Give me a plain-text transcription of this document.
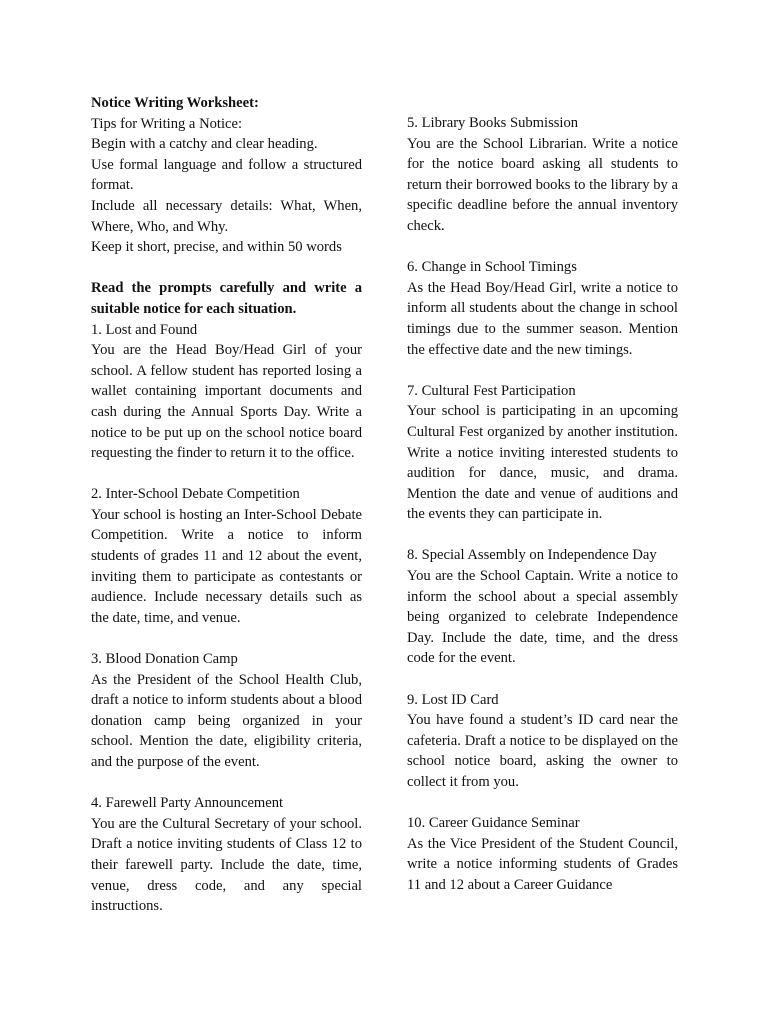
Notice Writing Worksheet:

Tips for Writing a Notice:

Begin with a catchy and clear heading.

Use formal language and follow a structured format.

Include all necessary details: What, When, Where, Who, and Why.

Keep it short, precise, and within 50 words

Read the prompts carefully and write a suitable notice for each situation.

1. Lost and Found

You are the Head Boy/Head Girl of your school. A fellow student has reported losing a wallet containing important documents and cash during the Annual Sports Day. Write a notice to be put up on the school notice board requesting the finder to return it to the office.

2. Inter-School Debate Competition

Your school is hosting an Inter-School Debate Competition. Write a notice to inform students of grades 11 and 12 about the event, inviting them to participate as contestants or audience. Include necessary details such as the date, time, and venue.

3. Blood Donation Camp

As the President of the School Health Club, draft a notice to inform students about a blood donation camp being organized in your school. Mention the date, eligibility criteria, and the purpose of the event.

4. Farewell Party Announcement

You are the Cultural Secretary of your school. Draft a notice inviting students of Class 12 to their farewell party. Include the date, time, venue, dress code, and any special instructions.

5. Library Books Submission

You are the School Librarian. Write a notice for the notice board asking all students to return their borrowed books to the library by a specific deadline before the annual inventory check.

6. Change in School Timings

As the Head Boy/Head Girl, write a notice to inform all students about the change in school timings due to the summer season. Mention the effective date and the new timings.

7. Cultural Fest Participation

Your school is participating in an upcoming Cultural Fest organized by another institution. Write a notice inviting interested students to audition for dance, music, and drama. Mention the date and venue of auditions and the events they can participate in.

8. Special Assembly on Independence Day

You are the School Captain. Write a notice to inform the school about a special assembly being organized to celebrate Independence Day. Include the date, time, and the dress code for the event.

9. Lost ID Card

You have found a student’s ID card near the cafeteria. Draft a notice to be displayed on the school notice board, asking the owner to collect it from you.

10. Career Guidance Seminar

As the Vice President of the Student Council, write a notice informing students of Grades 11 and 12 about a Career Guidance
